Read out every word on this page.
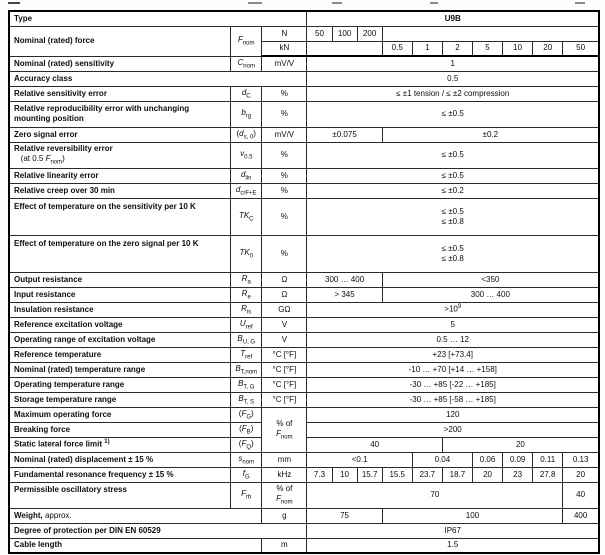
Type			U9B									

Nominal (rated) force	$F_{nom}$	N	50	100	200							

		kN				0.5	1	2	5	10	20	50

Nominal (rated) sensitivity	$C_{nom}$	mV/V	1									

Accuracy class			0.5									

Relative sensitivity error	$d_C$	%	≤ ±1 tension / ≤ ±2 compression									

Relative reproducibility error with unchanging
mounting position	$b_{rg}$	%	≤ ±0.5									

Zero signal error	$(d_{s, 0})$	mV/V	±0.075			±0.2						

Relative reversibility error
(at 0.5 $F_{nom}$)	$v_{0.5}$	%	≤ ±0.5									

Relative linearity error	$d_{lin}$	%	≤ ±0.5									

Relative creep over 30 min	$d_{crF+E}$	%	≤ ±0.2									

Effect of temperature on the sensitivity per 10 K	$TK_C$	%	≤ ±0.5
≤ ±0.8									

Effect of temperature on the zero signal per 10 K	$TK_0$	%	≤ ±0.5
≤ ±0.8									

Output resistance	$R_a$	Ω	300 … 400			<350						

Input resistance	$R_e$	Ω	> 345			300 … 400						

Insulation resistance	$R_{is}$	GΩ	$>10^9$

Reference excitation voltage	$U_{ref}$	V	5									

Operating range of excitation voltage	$B_{U, G}$	V	0.5 … 12									

Reference temperature	$T_{ref}$	°C [°F]	+23 [+73.4]									

Nominal (rated) temperature range	$B_{T,nom}$	°C [°F]	-10 … +70 [+14 … +158]									

Operating temperature range	$B_{T, G}$	°C [°F]	-30 … +85 [-22 … +185]									

Storage temperature range	$B_{T, S}$	°C [°F]	-30 … +85 [-58 … +185]									

Maximum operating force	$(F_G)$	% of
$F_{nom}$	120									

Breaking force	$(F_B)$		>200									

Static lateral force limit $^{1)}$	$(F_Q)$		40					20				

Nominal (rated) displacement ± 15 %	$s_{nom}$	mm	<0.1				0.04		0.06	0.09	0.11	0.13

Fundamental resonance frequency ± 15 %	$f_G$	kHz	7.3	10	15.7	15.5	23.7	18.7	20	23	27.8	20

Permissible oscillatory stress	$F_{rb}$	% of
$F_{nom}$	70									40

Weight, approx.		g	75			100						400

Degree of protection per DIN EN 60529			IP67									

Cable length		m	1.5									
